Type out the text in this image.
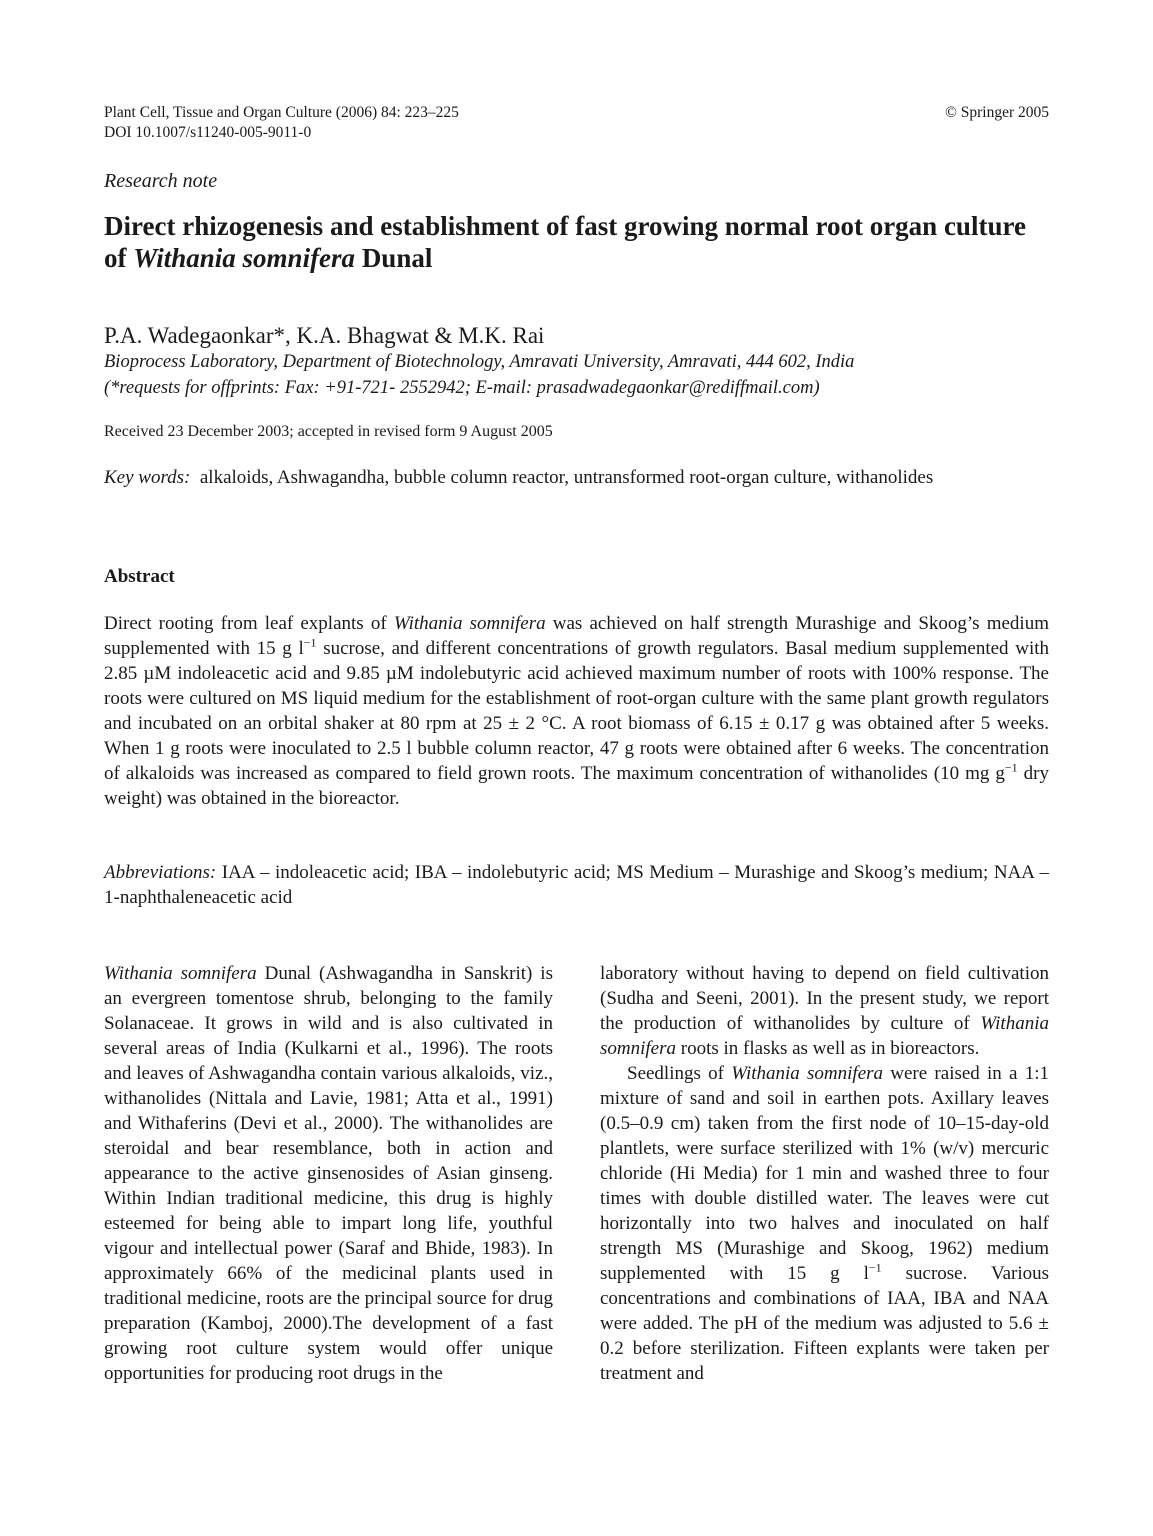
Plant Cell, Tissue and Organ Culture (2006) 84: 223–225
DOI 10.1007/s11240-005-9011-0
© Springer 2005
Research note
Direct rhizogenesis and establishment of fast growing normal root organ culture of Withania somnifera Dunal
P.A. Wadegaonkar*, K.A. Bhagwat & M.K. Rai
Bioprocess Laboratory, Department of Biotechnology, Amravati University, Amravati, 444 602, India
(*requests for offprints: Fax: +91-721- 2552942; E-mail: prasadwadegaonkar@rediffmail.com)
Received 23 December 2003; accepted in revised form 9 August 2005
Key words: alkaloids, Ashwagandha, bubble column reactor, untransformed root-organ culture, withanolides
Abstract
Direct rooting from leaf explants of Withania somnifera was achieved on half strength Murashige and Skoog’s medium supplemented with 15 g $l^{-1}$ sucrose, and different concentrations of growth regulators. Basal medium supplemented with 2.85 µM indoleacetic acid and 9.85 µM indolebutyric acid achieved maximum number of roots with 100% response. The roots were cultured on MS liquid medium for the establishment of root-organ culture with the same plant growth regulators and incubated on an orbital shaker at 80 rpm at 25 ± 2 °C. A root biomass of 6.15 ± 0.17 g was obtained after 5 weeks. When 1 g roots were inoculated to 2.5 l bubble column reactor, 47 g roots were obtained after 6 weeks. The concentration of alkaloids was increased as compared to field grown roots. The maximum concentration of withanolides (10 mg $g^{-1}$ dry weight) was obtained in the bioreactor.
Abbreviations: IAA – indoleacetic acid; IBA – indolebutyric acid; MS Medium – Murashige and Skoog’s medium; NAA – 1-naphthaleneacetic acid

Withania somnifera Dunal (Ashwagandha in Sanskrit) is an evergreen tomentose shrub, belonging to the family Solanaceae. It grows in wild and is also cultivated in several areas of India (Kulkarni et al., 1996). The roots and leaves of Ashwagandha contain various alkaloids, viz., withanolides (Nittala and Lavie, 1981; Atta et al., 1991) and Withaferins (Devi et al., 2000). The withanolides are steroidal and bear resemblance, both in action and appearance to the active ginsenosides of Asian ginseng. Within Indian traditional medicine, this drug is highly esteemed for being able to impart long life, youthful vigour and intellectual power (Saraf and Bhide, 1983). In approximately 66% of the medicinal plants used in traditional medicine, roots are the principal source for drug preparation (Kamboj, 2000).The development of a fast growing root culture system would offer unique opportunities for producing root drugs in the

laboratory without having to depend on field cultivation (Sudha and Seeni, 2001). In the present study, we report the production of withanolides by culture of Withania somnifera roots in flasks as well as in bioreactors.

Seedlings of Withania somnifera were raised in a 1:1 mixture of sand and soil in earthen pots. Axillary leaves (0.5–0.9 cm) taken from the first node of 10–15-day-old plantlets, were surface sterilized with 1% (w/v) mercuric chloride (Hi Media) for 1 min and washed three to four times with double distilled water. The leaves were cut horizontally into two halves and inoculated on half strength MS (Murashige and Skoog, 1962) medium supplemented with 15 g $l^{-1}$ sucrose. Various concentrations and combinations of IAA, IBA and NAA were added. The pH of the medium was adjusted to 5.6 ± 0.2 before sterilization. Fifteen explants were taken per treatment and
